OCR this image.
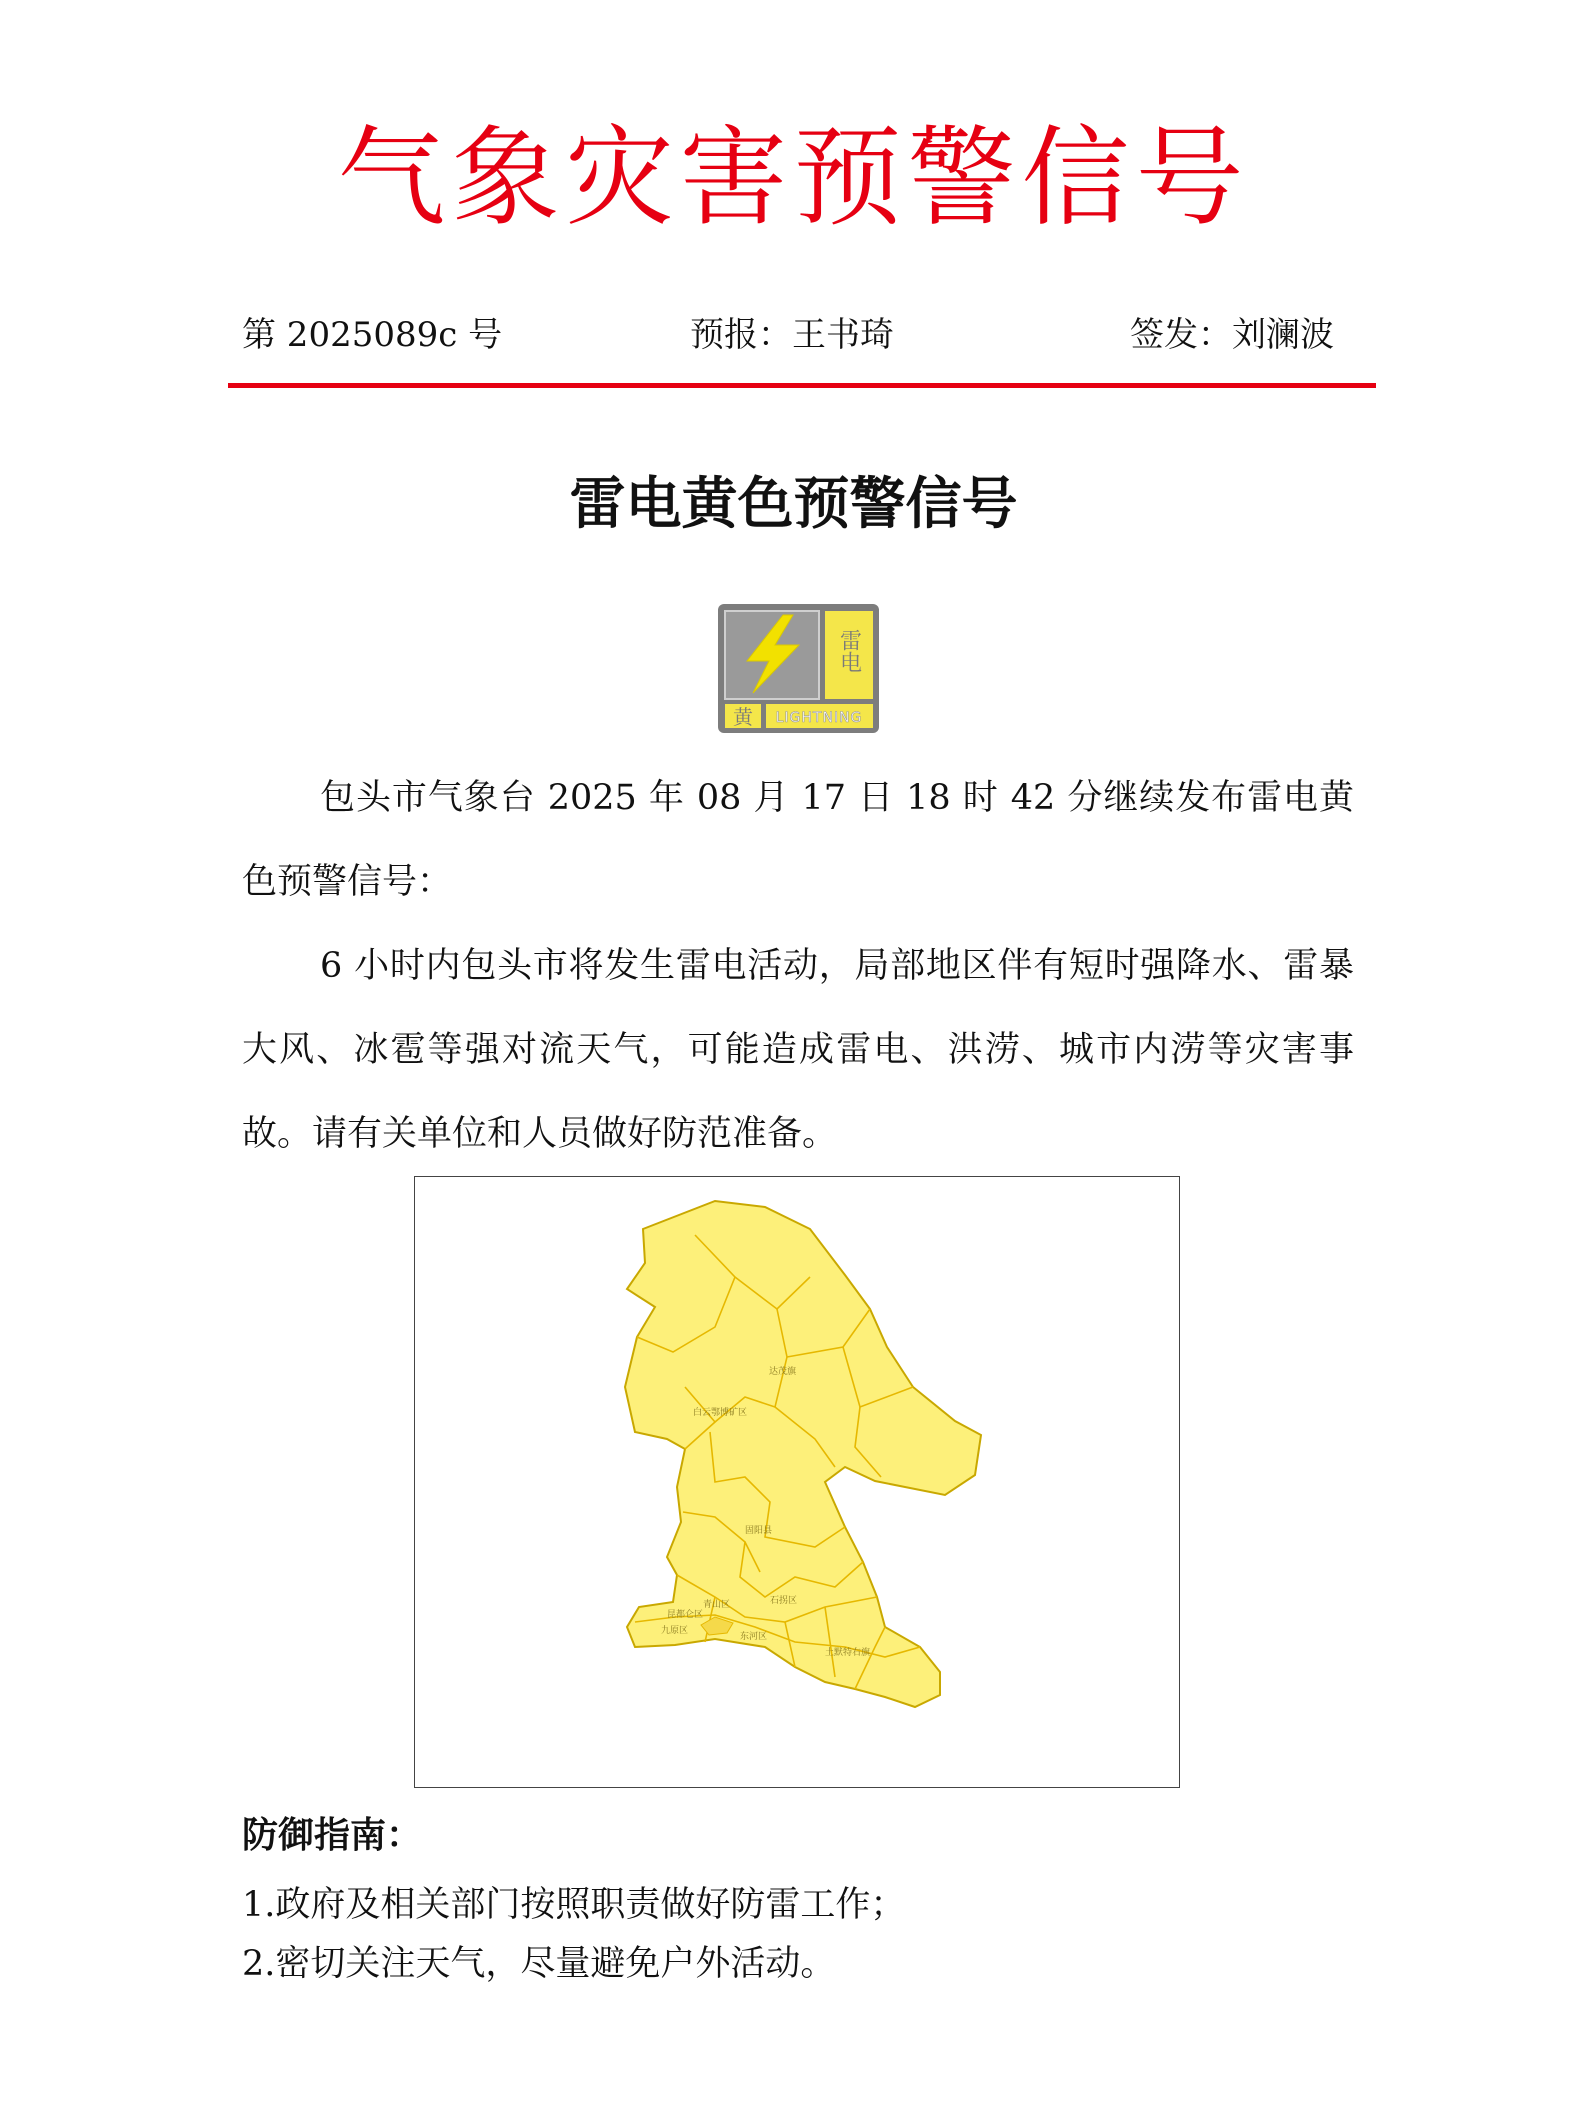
气象灾害预警信号
第 2025089c 号	预报：王书琦	签发：刘澜波
雷电黄色预警信号
雷电
黄 LIGHTNING

包头市气象台 2025 年 08 月 17 日 18 时 42 分继续发布雷电黄色预警信号：

6 小时内包头市将发生雷电活动，局部地区伴有短时强降水、雷暴大风、冰雹等强对流天气，可能造成雷电、洪涝、城市内涝等灾害事故。请有关单位和人员做好防范准备。

达茂旗
白云鄂博矿区
固阳县
昆都仑区
青山区	石拐区
九原区
东河区
土默特右旗
防御指南：
1.政府及相关部门按照职责做好防雷工作；
2.密切关注天气，尽量避免户外活动。
